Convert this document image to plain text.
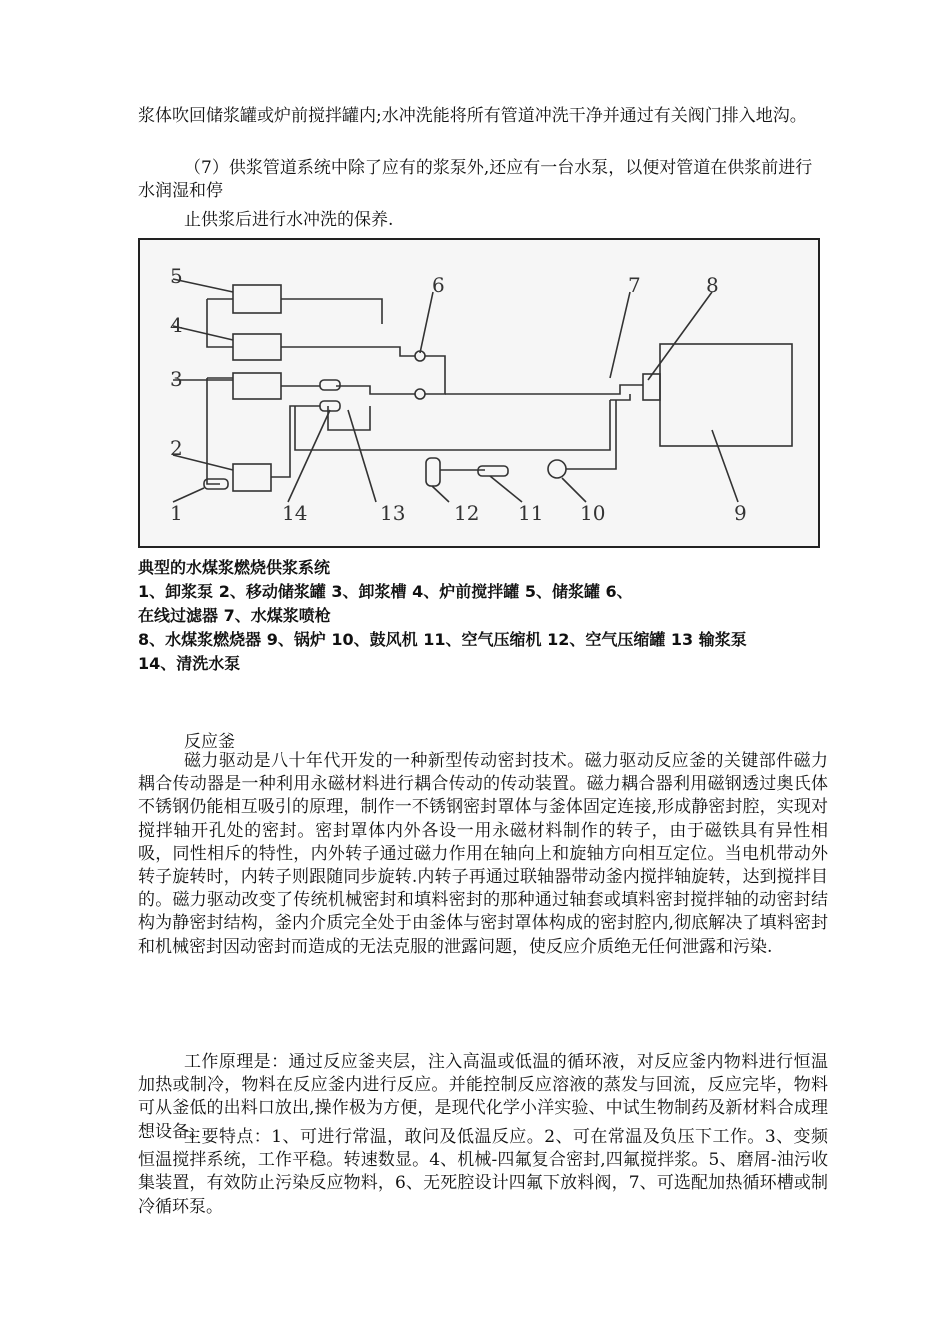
浆体吹回储浆罐或炉前搅拌罐内;水冲洗能将所有管道冲洗干净并通过有关阀门排入地沟。

（7）供浆管道系统中除了应有的浆泵外,还应有一台水泵，以便对管道在供浆前进行水润湿和停

止供浆后进行水冲洗的保养.

5
4
3
2
1
6	7	8
14	13 12 11 10	9

典型的水煤浆燃烧供浆系统

1、卸浆泵 2、移动储浆罐 3、卸浆槽 4、炉前搅拌罐 5、储浆罐 6、

在线过滤器 7、水煤浆喷枪

8、水煤浆燃烧器 9、锅炉 10、鼓风机 11、空气压缩机 12、空气压缩罐 13 输浆泵

14、清洗水泵

反应釜

磁力驱动是八十年代开发的一种新型传动密封技术。磁力驱动反应釜的关键部件磁力耦合传动器是一种利用永磁材料进行耦合传动的传动装置。磁力耦合器利用磁钢透过奥氏体不锈钢仍能相互吸引的原理，制作一不锈钢密封罩体与釜体固定连接,形成静密封腔，实现对搅拌轴开孔处的密封。密封罩体内外各设一用永磁材料制作的转子，由于磁铁具有异性相吸，同性相斥的特性，内外转子通过磁力作用在轴向上和旋轴方向相互定位。当电机带动外转子旋转时，内转子则跟随同步旋转.内转子再通过联轴器带动釜内搅拌轴旋转，达到搅拌目的。磁力驱动改变了传统机械密封和填料密封的那种通过轴套或填料密封搅拌轴的动密封结构为静密封结构，釜内介质完全处于由釜体与密封罩体构成的密封腔内,彻底解决了填料密封和机械密封因动密封而造成的无法克服的泄露问题，使反应介质绝无任何泄露和污染.

工作原理是：通过反应釜夹层，注入高温或低温的循环液，对反应釜内物料进行恒温加热或制冷，物料在反应釜内进行反应。并能控制反应溶液的蒸发与回流，反应完毕，物料可从釜低的出料口放出,操作极为方便，是现代化学小洋实验、中试生物制药及新材料合成理想设备。

主要特点：1、可进行常温，敢问及低温反应。2、可在常温及负压下工作。3、变频恒温搅拌系统，工作平稳。转速数显。4、机械-四氟复合密封,四氟搅拌浆。5、磨屑-油污收集装置，有效防止污染反应物料，6、无死腔设计四氟下放料阀，7、可选配加热循环槽或制冷循环泵。
